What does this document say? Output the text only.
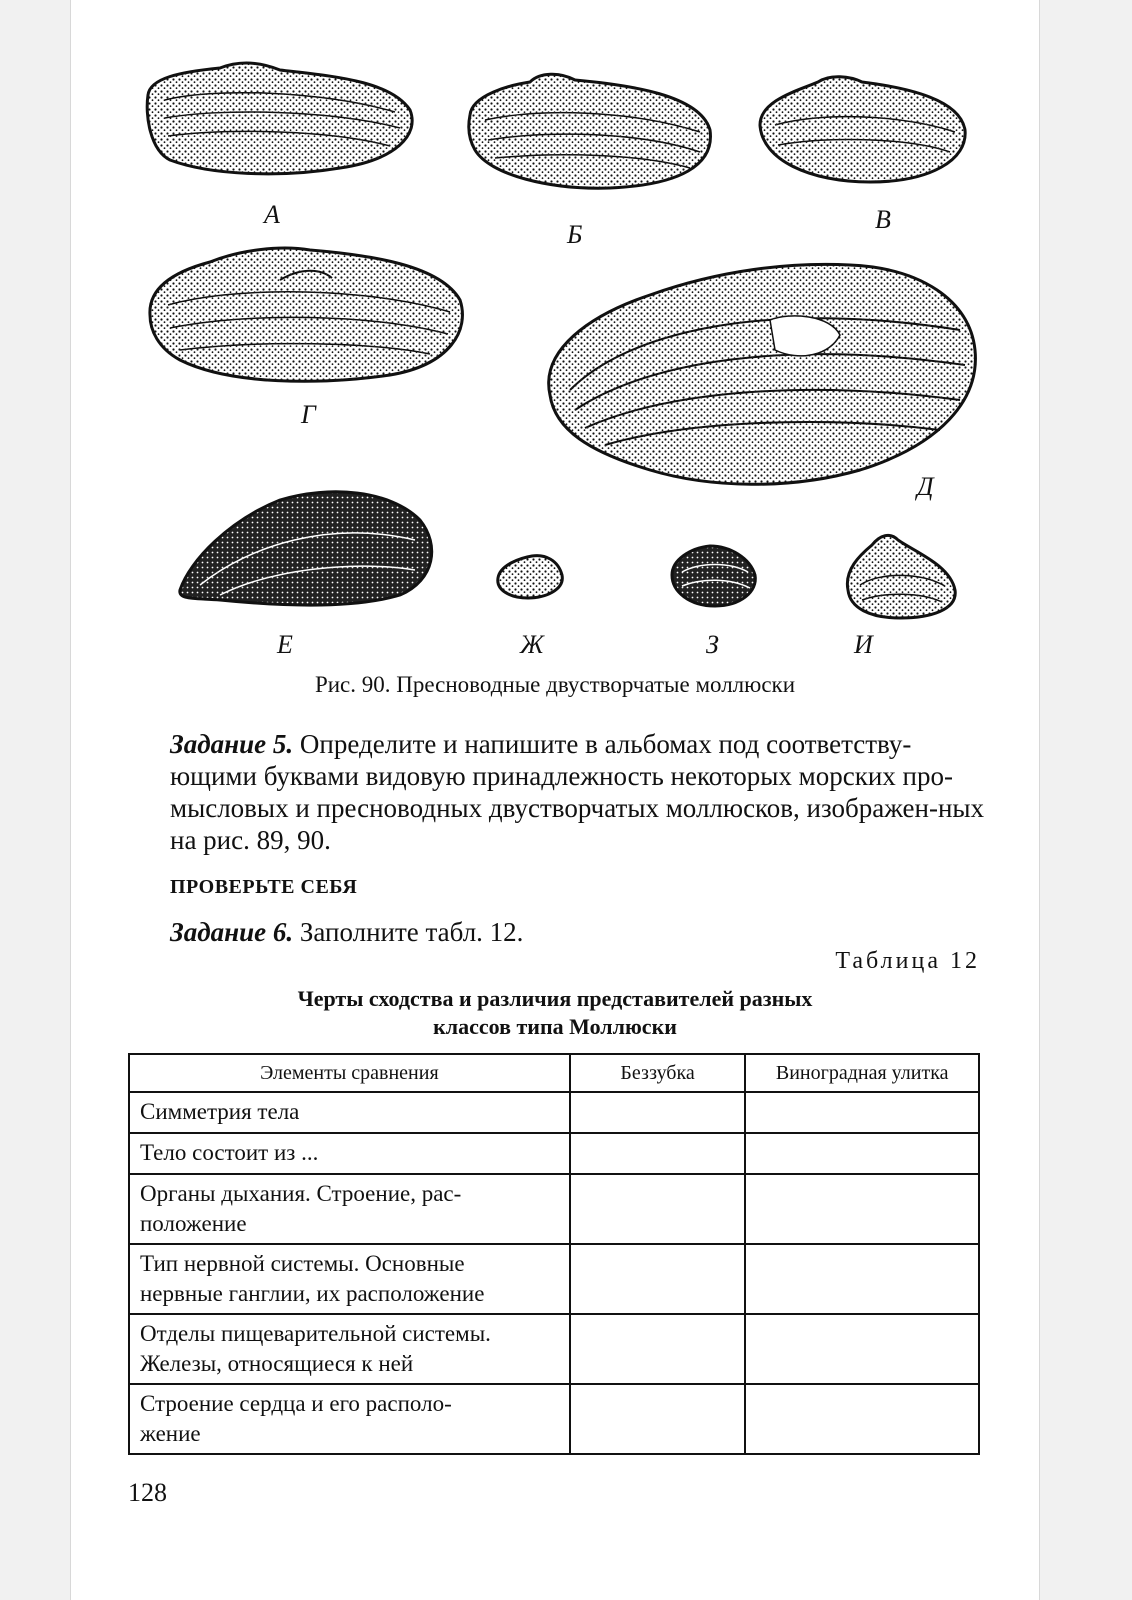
А
Б
В
Г
Д
Е	Ж	З	И
Рис. 90. Пресноводные двустворчатые моллюски
Задание 5. Определите и напишите в альбомах под соответству-ющими буквами видовую принадлежность некоторых морских про-мысловых и пресноводных двустворчатых моллюсков, изображен-ных на рис. 89, 90.
ПРОВЕРЬТЕ СЕБЯ
Задание 6. Заполните табл. 12.
Таблица 12
Черты сходства и различия представителей разных
классов типа Моллюски
Элементы сравнения	Беззубка	Виноградная улитка
Симметрия тела		
Тело состоит из ...		
Органы дыхания. Строение, рас-
положение		
Тип нервной системы. Основные
нервные ганглии, их расположение		
Отделы пищеварительной системы.
Железы, относящиеся к ней		
Строение сердца и его располо-
жение		
128
